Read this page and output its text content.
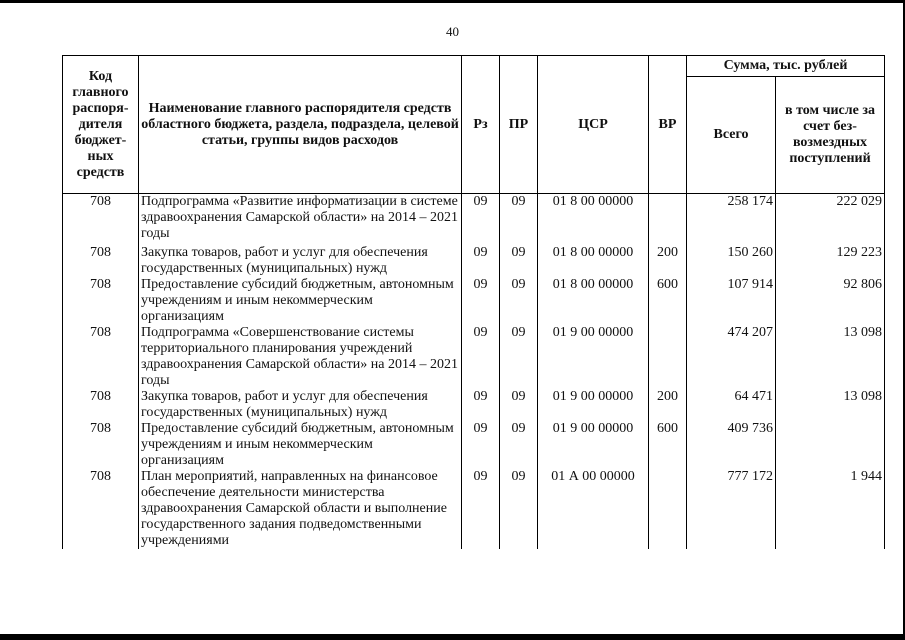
40
Код главного распоря-дителя бюджет-ных средств	Наименование главного распорядителя средств областного бюджета, раздела, подраздела, целевой статьи, группы видов расходов	Рз	ПР	ЦСР	ВР	Сумма, тыс. рублей	
						Всего	в том числе за счет без-возмездных поступлений
708	Подпрограмма «Развитие информатизации в системе здравоохранения Самарской области» на 2014 – 2021 годы	09	09	01 8 00 00000		258 174	222 029
708	Закупка товаров, работ и услуг для обеспечения государственных (муниципальных) нужд	09	09	01 8 00 00000	200	150 260	129 223
708	Предоставление субсидий бюджетным, автономным учреждениям и иным некоммерческим организациям	09	09	01 8 00 00000	600	107 914	92 806
708	Подпрограмма «Совершенствование системы территориального планирования учреждений здравоохранения Самарской области» на 2014 – 2021 годы	09	09	01 9 00 00000		474 207	13 098
708	Закупка товаров, работ и услуг для обеспечения государственных (муниципальных) нужд	09	09	01 9 00 00000	200	64 471	13 098
708	Предоставление субсидий бюджетным, автономным учреждениям и иным некоммерческим организациям	09	09	01 9 00 00000	600	409 736	
708	План мероприятий, направленных на финансовое обеспечение деятельности министерства здравоохранения Самарской области и выполнение государственного задания подведомственными учреждениями	09	09	01 А 00 00000		777 172	1 944
